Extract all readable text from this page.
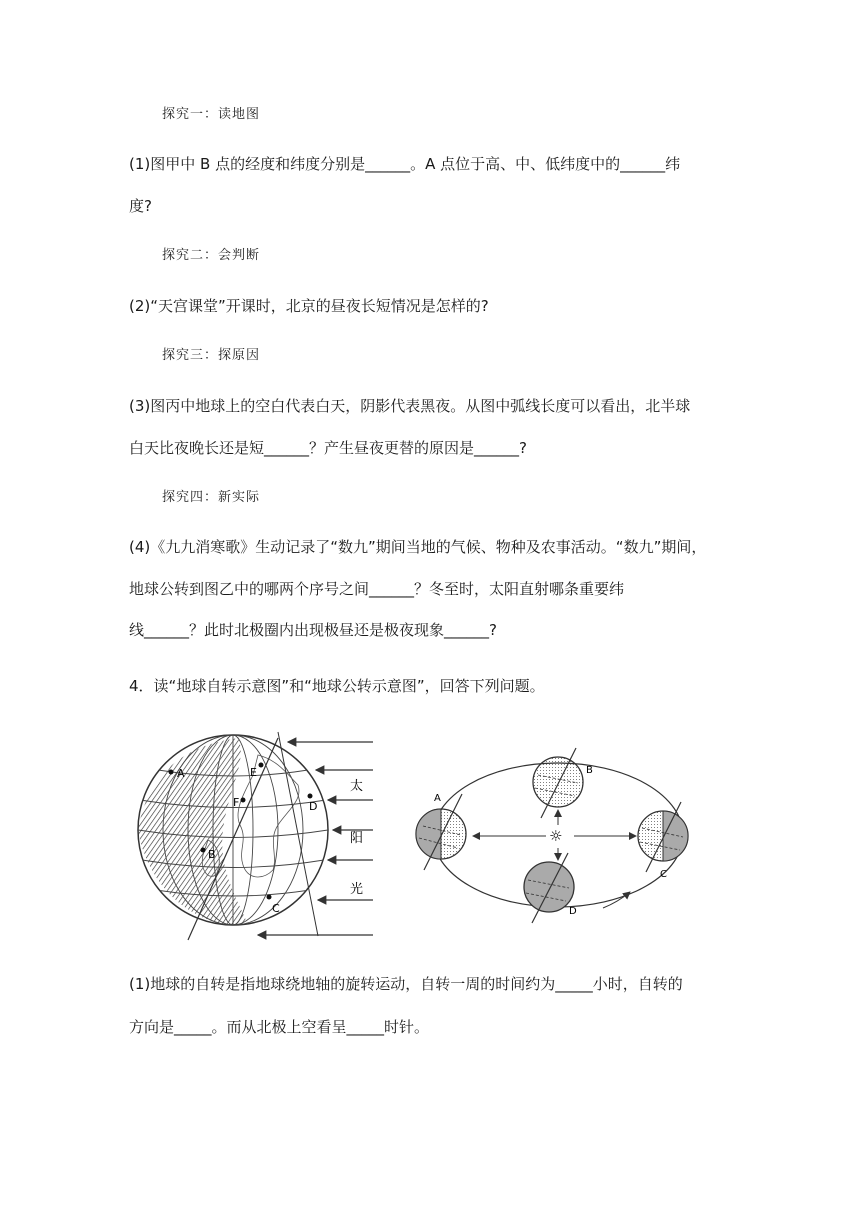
探究一：读地图
(1)图甲中 B 点的经度和纬度分别是______。A 点位于高、中、低纬度中的______纬
度?
探究二：会判断
(2)“天宫课堂”开课时，北京的昼夜长短情况是怎样的?
探究三：探原因
(3)图丙中地球上的空白代表白天，阴影代表黑夜。从图中弧线长度可以看出，北半球
白天比夜晚长还是短______？产生昼夜更替的原因是______?
探究四：新实际
(4)《九九消寒歌》生动记录了“数九”期间当地的气候、物种及农事活动。“数九”期间，
地球公转到图乙中的哪两个序号之间______？冬至时，太阳直射哪条重要纬
线______？此时北极圈内出现极昼还是极夜现象______?
4．读“地球自转示意图”和“地球公转示意图”，回答下列问题。
A
B
C
D
E
F
太
阳
光
☼
A
B
C
D
(1)地球的自转是指地球绕地轴的旋转运动，自转一周的时间约为_____小时，自转的
方向是_____。而从北极上空看呈_____时针。
